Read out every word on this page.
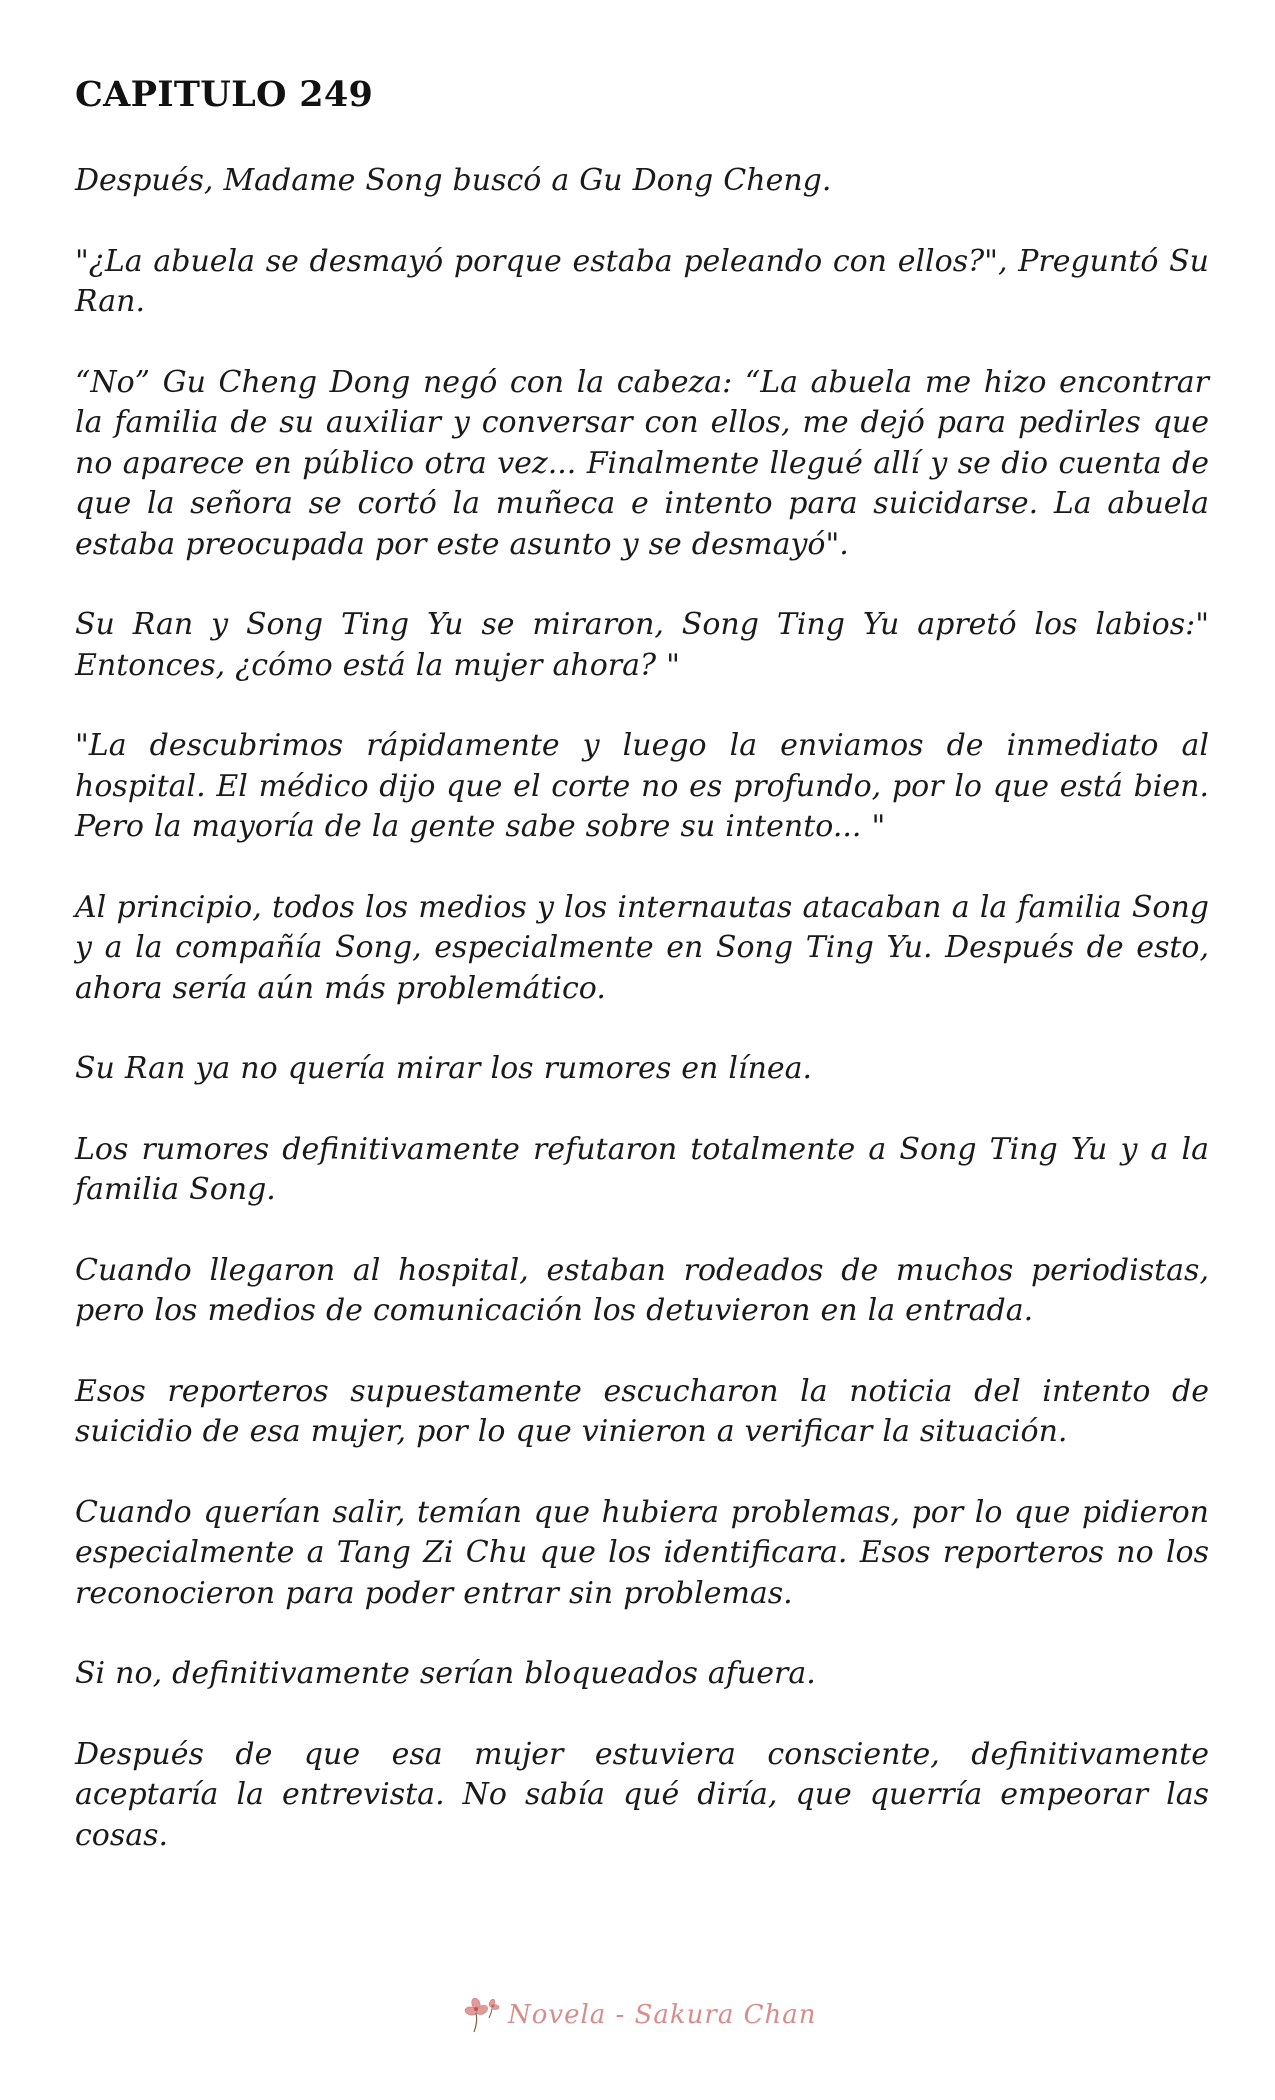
CAPITULO 249

Después, Madame Song buscó a Gu Dong Cheng.

"¿La abuela se desmayó porque estaba peleando con ellos?", Preguntó Su Ran.

“No” Gu Cheng Dong negó con la cabeza: “La abuela me hizo encontrar la familia de su auxiliar y conversar con ellos, me dejó para pedirles que no aparece en público otra vez... Finalmente llegué allí y se dio cuenta de que la señora se cortó la muñeca e intento para suicidarse. La abuela estaba preocupada por este asunto y se desmayó".

Su Ran y Song Ting Yu se miraron, Song Ting Yu apretó los labios:" Entonces, ¿cómo está la mujer ahora? "

"La descubrimos rápidamente y luego la enviamos de inmediato al hospital. El médico dijo que el corte no es profundo, por lo que está bien. Pero la mayoría de la gente sabe sobre su intento... "

Al principio, todos los medios y los internautas atacaban a la familia Song y a la compañía Song, especialmente en Song Ting Yu. Después de esto, ahora sería aún más problemático.

Su Ran ya no quería mirar los rumores en línea.

Los rumores definitivamente refutaron totalmente a Song Ting Yu y a la familia Song.

Cuando llegaron al hospital, estaban rodeados de muchos periodistas, pero los medios de comunicación los detuvieron en la entrada.

Esos reporteros supuestamente escucharon la noticia del intento de suicidio de esa mujer, por lo que vinieron a verificar la situación.

Cuando querían salir, temían que hubiera problemas, por lo que pidieron especialmente a Tang Zi Chu que los identificara. Esos reporteros no los reconocieron para poder entrar sin problemas.

Si no, definitivamente serían bloqueados afuera.

Después de que esa mujer estuviera consciente, definitivamente aceptaría la entrevista. No sabía qué diría, que querría empeorar las cosas.

Novela - Sakura Chan
